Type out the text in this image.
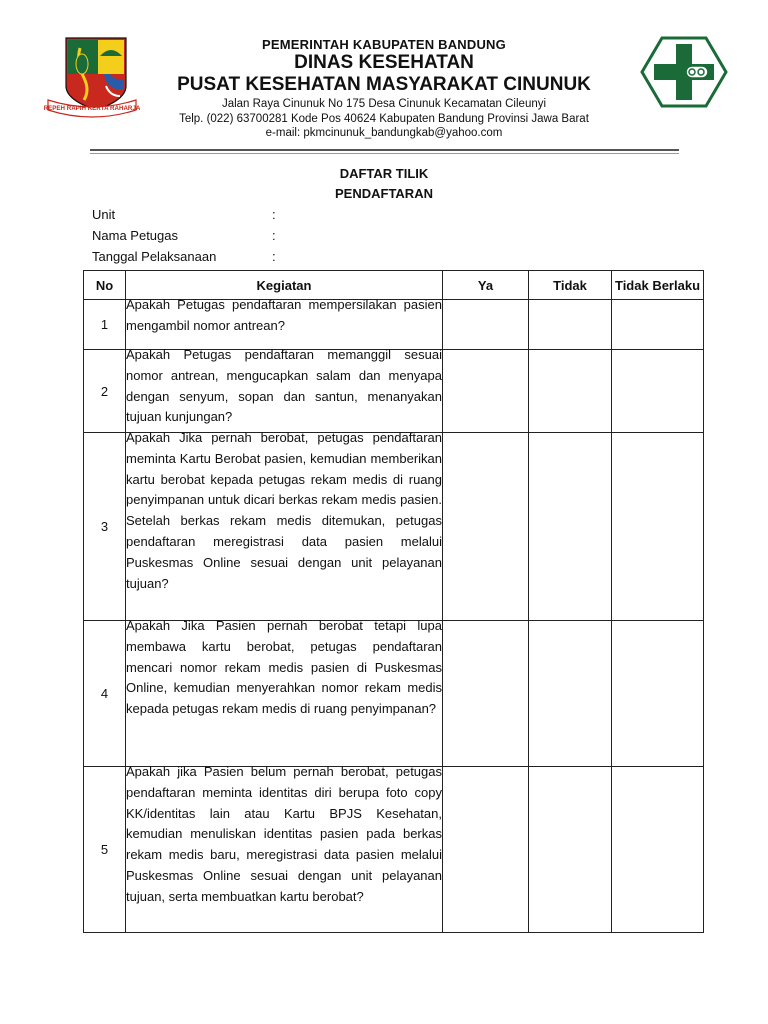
REPEH RAPIH KERTA RAHARJA
PEMERINTAH KABUPATEN BANDUNG
DINAS KESEHATAN
PUSAT KESEHATAN MASYARAKAT CINUNUK
Jalan Raya Cinunuk No 175 Desa Cinunuk Kecamatan Cileunyi
Telp. (022) 63700281 Kode Pos 40624 Kabupaten Bandung Provinsi Jawa Barat
e-mail: pkmcinunuk_bandungkab@yahoo.com
DAFTAR TILIK
PENDAFTARAN
Unit	:
Nama Petugas	:
Tanggal Pelaksanaan	:
No	Kegiatan	Ya	Tidak	Tidak Berlaku
1	Apakah Petugas pendaftaran mempersilakan pasien mengambil nomor antrean?			

2	Apakah Petugas pendaftaran memanggil sesuai nomor antrean, mengucapkan salam dan menyapa dengan senyum, sopan dan santun, menanyakan tujuan kunjungan?			

3	Apakah Jika pernah berobat, petugas pendaftaran meminta Kartu Berobat pasien, kemudian memberikan kartu berobat kepada petugas rekam medis di ruang penyimpanan untuk dicari berkas rekam medis pasien. Setelah berkas rekam medis ditemukan, petugas pendaftaran meregistrasi data pasien melalui Puskesmas Online sesuai dengan unit pelayanan tujuan?			

4	Apakah Jika Pasien pernah berobat tetapi lupa membawa kartu berobat, petugas pendaftaran mencari nomor rekam medis pasien di Puskesmas Online, kemudian menyerahkan nomor rekam medis kepada petugas rekam medis di ruang penyimpanan?			

5	Apakah jika Pasien belum pernah berobat, petugas pendaftaran meminta identitas diri berupa foto copy KK/identitas lain atau Kartu BPJS Kesehatan, kemudian menuliskan identitas pasien pada berkas rekam medis baru, meregistrasi data pasien melalui Puskesmas Online sesuai dengan unit pelayanan tujuan, serta membuatkan kartu berobat?			
